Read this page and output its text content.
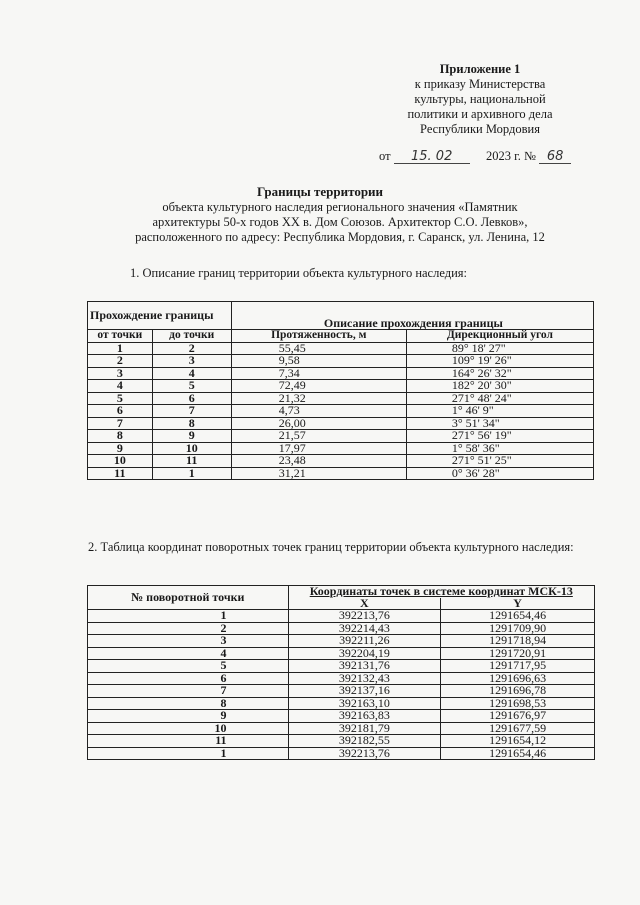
Приложение 1
к приказу Министерства
культуры, национальной
политики и архивного дела
Республики Мордовия
от 15. 02	2023 г. № 68
Границы территории
объекта культурного наследия регионального значения «Памятник
архитектуры 50-х годов XX в. Дом Союзов. Архитектор С.О. Левков»,
расположенного по адресу: Республика Мордовия, г. Саранск, ул. Ленина, 12
1. Описание границ территории объекта культурного наследия:
Прохождение границы		Описание прохождения границы	
от точки	до точки	Протяженность, м	Дирекционный угол
1	2	55,45	89° 18' 27"
2	3	9,58	109° 19' 26"
3	4	7,34	164° 26' 32"
4	5	72,49	182° 20' 30"
5	6	21,32	271° 48' 24"
6	7	4,73	1° 46' 9"
7	8	26,00	3° 51' 34"
8	9	21,57	271° 56' 19"
9	10	17,97	1° 58' 36"
10	11	23,48	271° 51' 25"
11	1	31,21	0° 36' 28"
2. Таблица координат поворотных точек границ территории объекта культурного наследия:
№ поворотной точки	Координаты точек в системе координат МСК-13	
	X	Y
1	392213,76	1291654,46
2	392214,43	1291709,90
3	392211,26	1291718,94
4	392204,19	1291720,91
5	392131,76	1291717,95
6	392132,43	1291696,63
7	392137,16	1291696,78
8	392163,10	1291698,53
9	392163,83	1291676,97
10	392181,79	1291677,59
11	392182,55	1291654,12
1	392213,76	1291654,46
